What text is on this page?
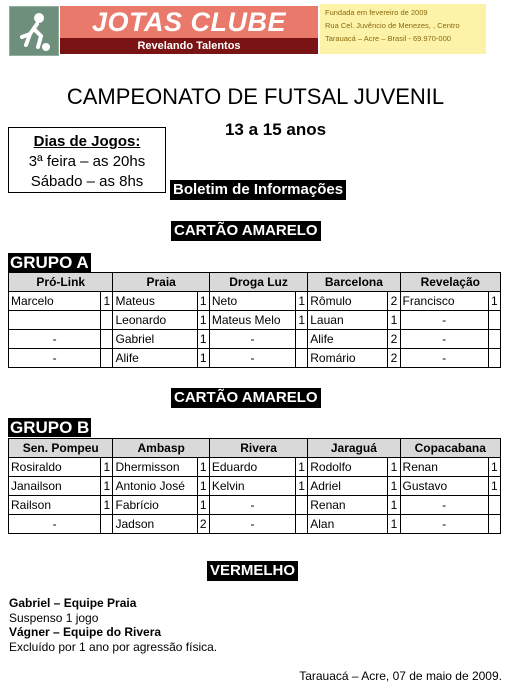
JOTAS CLUBE
Revelando Talentos
Fundada em fevereiro de 2009
Rua Cel. Juvêncio de Menezes, , Centro
Tarauacá – Acre – Brasil - 69.970-000
CAMPEONATO DE FUTSAL JUVENIL
13 a 15 anos
Dias de Jogos:
3ª feira – as 20hs
Sábado – as 8hs	Boletim de Informações
CARTÃO AMARELO
GRUPO A
Pró-Link		Praia		Droga Luz		Barcelona		Revelação	
Marcelo	1	Mateus	1	Neto	1	Rômulo	2	Francisco	1
		Leonardo	1	Mateus Melo	1	Lauan	1	-	
-		Gabriel	1	-		Alife	2	-	
-		Alife	1	-		Romário	2	-	
CARTÃO AMARELO
GRUPO B
Sen. Pompeu		Ambasp		Rivera		Jaraguá		Copacabana	
Rosiraldo	1	Dhermisson	1	Eduardo	1	Rodolfo	1	Renan	1
Janailson	1	Antonio José	1	Kelvin	1	Adriel	1	Gustavo	1
Railson	1	Fabrício	1	-		Renan	1	-	
-		Jadson	2	-		Alan	1	-	
VERMELHO
Gabriel – Equipe Praia
Suspenso 1 jogo
Vágner – Equipe do Rivera
Excluído por 1 ano por agressão física.
Tarauacá – Acre, 07 de maio de 2009.
